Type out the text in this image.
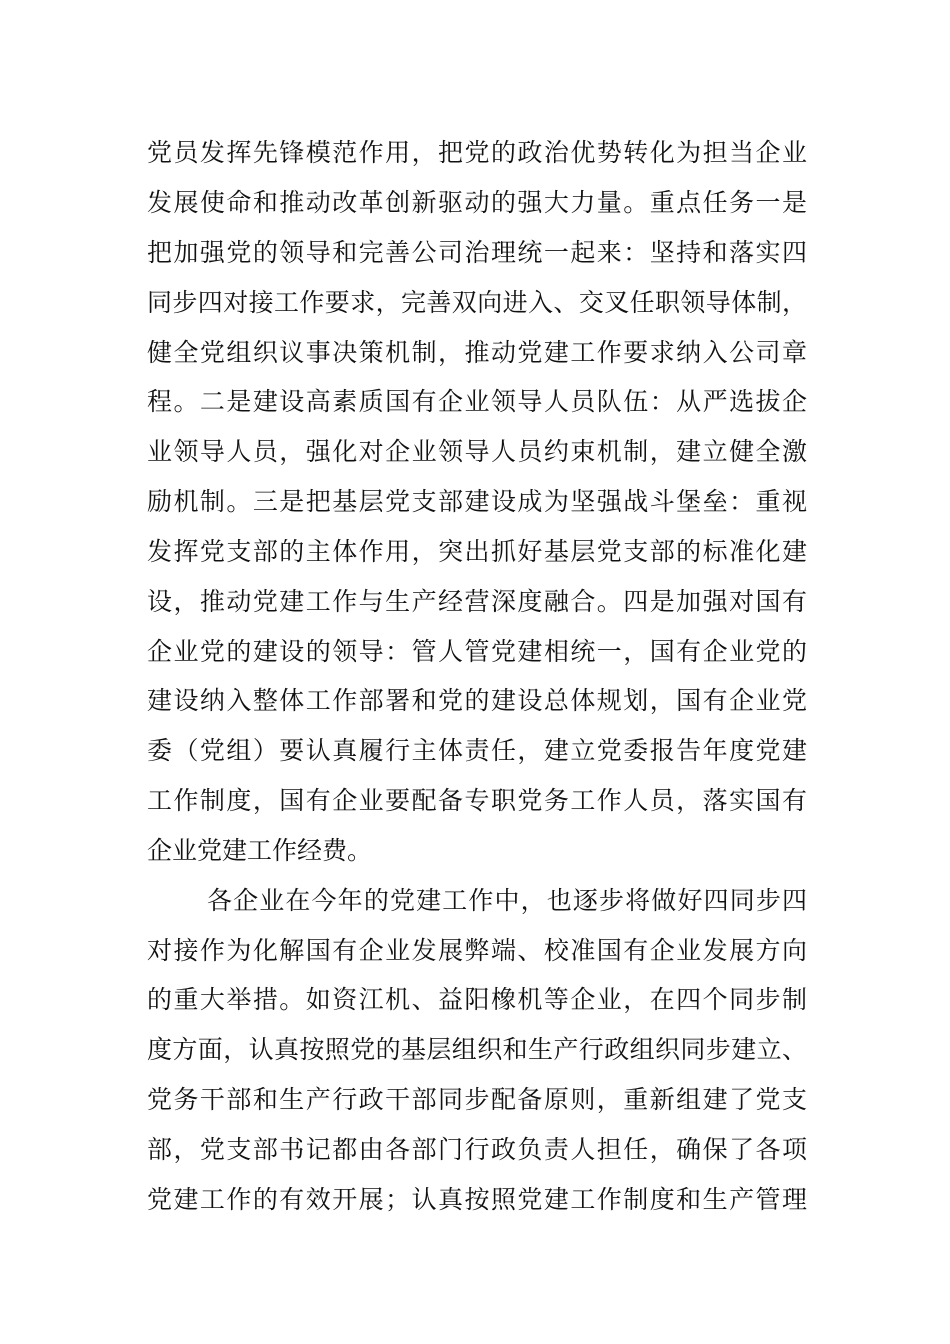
党员发挥先锋模范作用，把党的政治优势转化为担当企业
发展使命和推动改革创新驱动的强大力量。重点任务一是
把加强党的领导和完善公司治理统一起来：坚持和落实四
同步四对接工作要求，完善双向进入、交叉任职领导体制，
健全党组织议事决策机制，推动党建工作要求纳入公司章
程。二是建设高素质国有企业领导人员队伍：从严选拔企
业领导人员，强化对企业领导人员约束机制，建立健全激
励机制。三是把基层党支部建设成为坚强战斗堡垒：重视
发挥党支部的主体作用，突出抓好基层党支部的标准化建
设，推动党建工作与生产经营深度融合。四是加强对国有
企业党的建设的领导：管人管党建相统一，国有企业党的
建设纳入整体工作部署和党的建设总体规划，国有企业党
委（党组）要认真履行主体责任，建立党委报告年度党建
工作制度，国有企业要配备专职党务工作人员，落实国有
企业党建工作经费。
各企业在今年的党建工作中，也逐步将做好四同步四
对接作为化解国有企业发展弊端、校准国有企业发展方向
的重大举措。如资江机、益阳橡机等企业，在四个同步制
度方面，认真按照党的基层组织和生产行政组织同步建立、
党务干部和生产行政干部同步配备原则，重新组建了党支
部，党支部书记都由各部门行政负责人担任，确保了各项
党建工作的有效开展；认真按照党建工作制度和生产管理
